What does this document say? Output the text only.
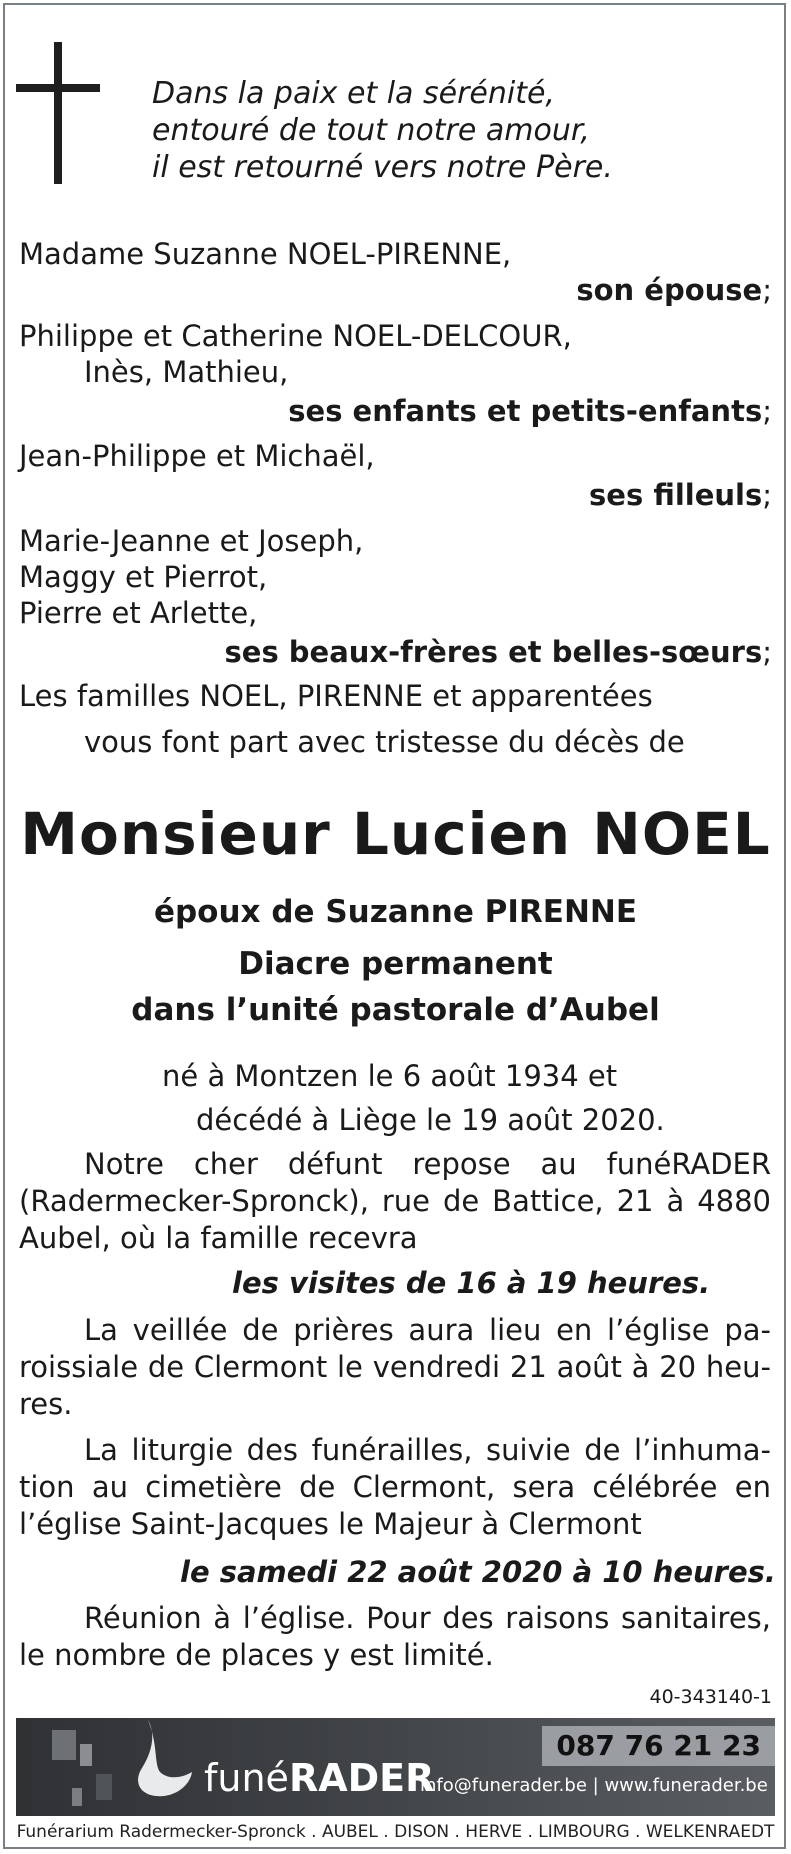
Dans la paix et la sérénité,
entouré de tout notre amour,
il est retourné vers notre Père.
Madame Suzanne NOEL-PIRENNE,
son épouse;
Philippe et Catherine NOEL-DELCOUR,
Inès, Mathieu,
ses enfants et petits-enfants;
Jean-Philippe et Michaël,
ses filleuls;
Marie-Jeanne et Joseph,
Maggy et Pierrot,
Pierre et Arlette,
ses beaux-frères et belles-sœurs;
Les familles NOEL, PIRENNE et apparentées
vous font part avec tristesse du décès de
Monsieur Lucien NOEL
époux de Suzanne PIRENNE
Diacre permanent
dans l’unité pastorale d’Aubel
né à Montzen le 6 août 1934 et
décédé à Liège le 19 août 2020.
Notre cher défunt repose au funéRADER
(Radermecker-Spronck), rue de Battice, 21 à 4880
Aubel, où la famille recevra
les visites de 16 à 19 heures.
La veillée de prières aura lieu en l’église pa-
roissiale de Clermont le vendredi 21 août à 20 heu-
res.
La liturgie des funérailles, suivie de l’inhuma-
tion au cimetière de Clermont, sera célébrée en
l’église Saint-Jacques le Majeur à Clermont
le samedi 22 août 2020 à 10 heures.
Réunion à l’église. Pour des raisons sanitaires,
le nombre de places y est limité.
40-343140-1
funéRADER
087 76 21 23
info@funerader.be | www.funerader.be
Funérarium Radermecker-Spronck . AUBEL . DISON . HERVE . LIMBOURG . WELKENRAEDT
